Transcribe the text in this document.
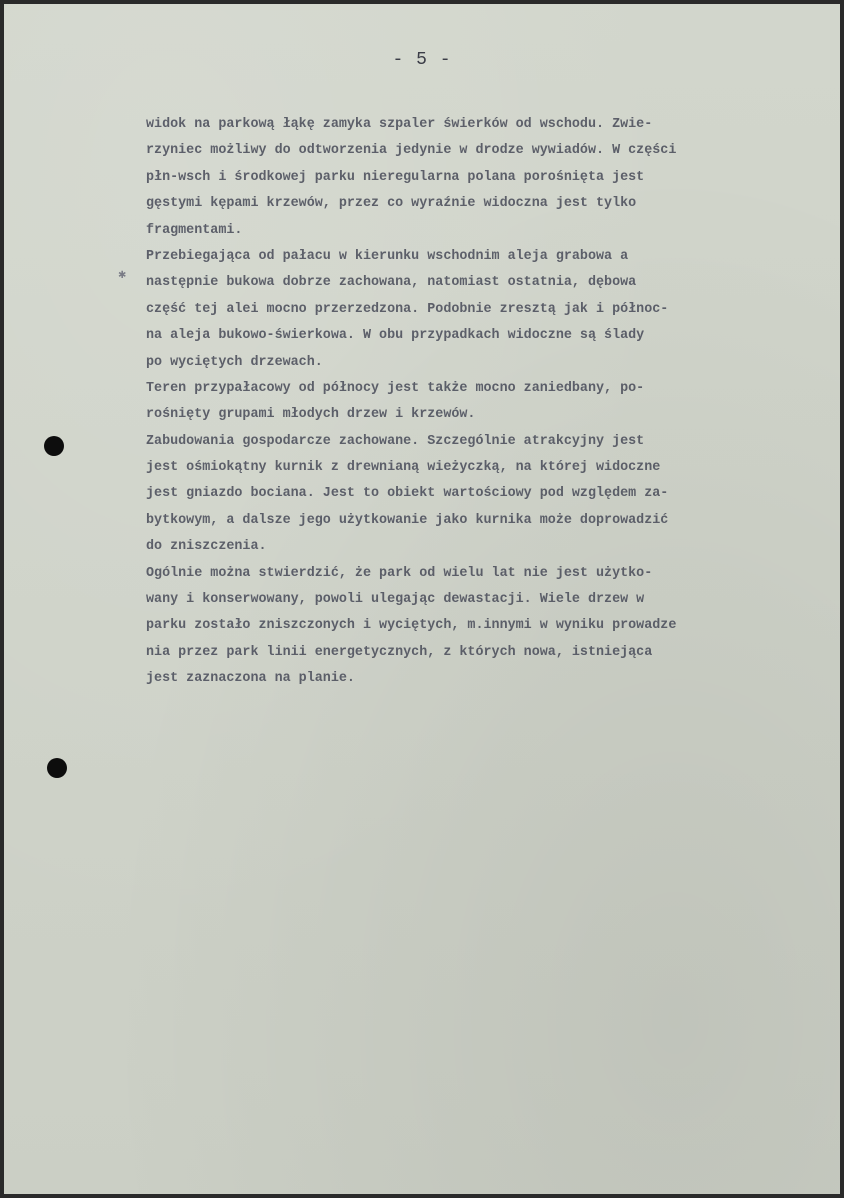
- 5 -
✱
widok na parkową łąkę zamyka szpaler świerków od wschodu. Zwie-
rzyniec możliwy do odtworzenia jedynie w drodze wywiadów. W części
płn-wsch i środkowej parku nieregularna polana porośnięta jest
gęstymi kępami krzewów, przez co wyraźnie widoczna jest tylko
fragmentami.
Przebiegająca od pałacu w kierunku wschodnim aleja grabowa a
następnie bukowa dobrze zachowana, natomiast ostatnia, dębowa
część tej alei mocno przerzedzona. Podobnie zresztą jak i północ-
na aleja bukowo-świerkowa. W obu przypadkach widoczne są ślady
po wyciętych drzewach.
Teren przypałacowy od północy jest także mocno zaniedbany, po-
rośnięty grupami młodych drzew i krzewów.
Zabudowania gospodarcze zachowane. Szczególnie atrakcyjny jest
jest ośmiokątny kurnik z drewnianą wieżyczką, na której widoczne
jest gniazdo bociana. Jest to obiekt wartościowy pod względem za-
bytkowym, a dalsze jego użytkowanie jako kurnika może doprowadzić
do zniszczenia.
Ogólnie można stwierdzić, że park od wielu lat nie jest użytko-
wany i konserwowany, powoli ulegając dewastacji. Wiele drzew w
parku zostało zniszczonych i wyciętych, m.innymi w wyniku prowadze
nia przez park linii energetycznych, z których nowa, istniejąca
jest zaznaczona na planie.
